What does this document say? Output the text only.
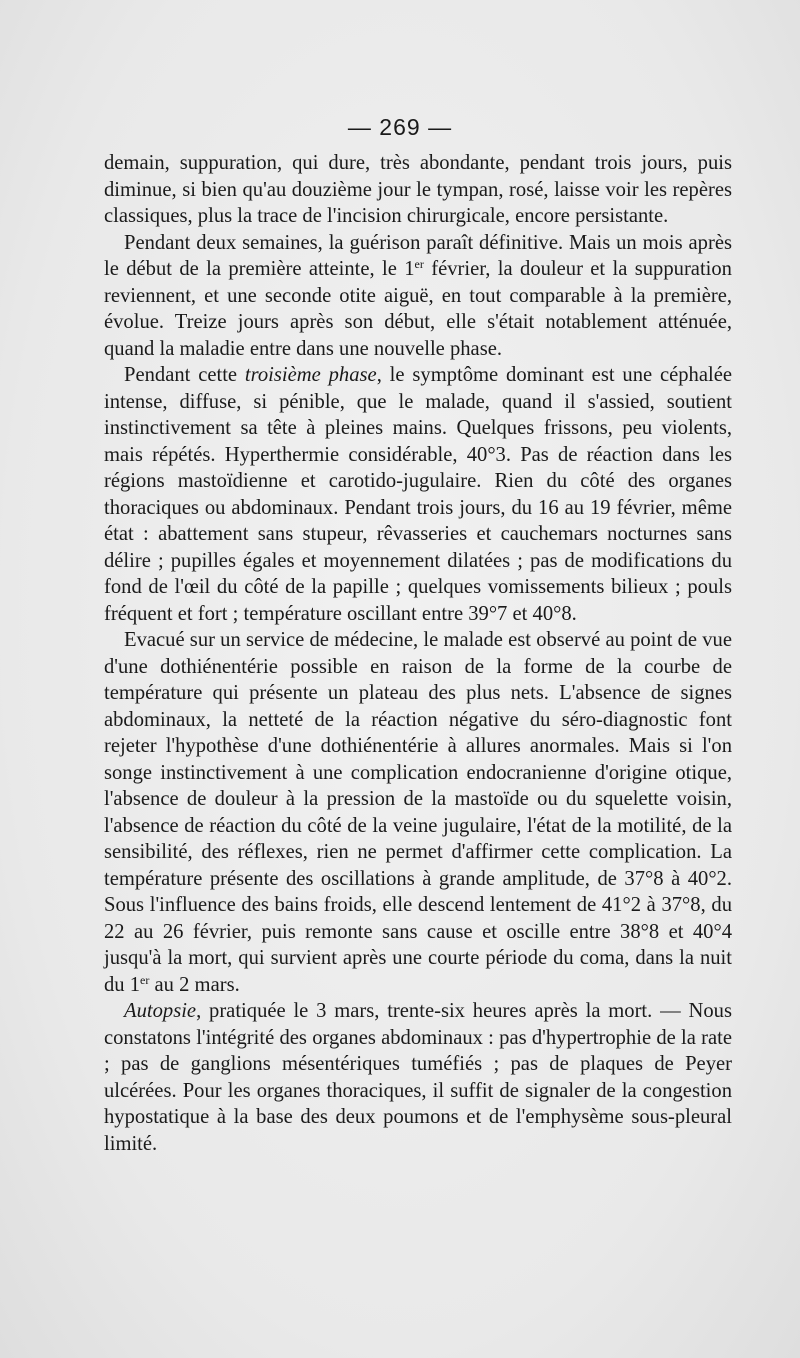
— 269 —

demain, suppuration, qui dure, très abondante, pendant trois jours, puis diminue, si bien qu'au douzième jour le tympan, rosé, laisse voir les repères classiques, plus la trace de l'incision chirurgicale, encore persistante.

Pendant deux semaines, la guérison paraît définitive. Mais un mois après le début de la première atteinte, le 1er février, la douleur et la suppuration reviennent, et une seconde otite aiguë, en tout comparable à la première, évolue. Treize jours après son début, elle s'était notablement atténuée, quand la maladie entre dans une nouvelle phase.

Pendant cette troisième phase, le symptôme dominant est une céphalée intense, diffuse, si pénible, que le malade, quand il s'assied, soutient instinctivement sa tête à pleines mains. Quelques frissons, peu violents, mais répétés. Hyperthermie considérable, 40°3. Pas de réaction dans les régions mastoïdienne et carotido-jugulaire. Rien du côté des organes thoraciques ou abdominaux. Pendant trois jours, du 16 au 19 février, même état : abattement sans stupeur, rêvasseries et cauchemars nocturnes sans délire ; pupilles égales et moyennement dilatées ; pas de modifications du fond de l'œil du côté de la papille ; quelques vomissements bilieux ; pouls fréquent et fort ; température oscillant entre 39°7 et 40°8.

Evacué sur un service de médecine, le malade est observé au point de vue d'une dothiénentérie possible en raison de la forme de la courbe de température qui présente un plateau des plus nets. L'absence de signes abdominaux, la netteté de la réaction négative du séro-diagnostic font rejeter l'hypothèse d'une dothiénentérie à allures anormales. Mais si l'on songe instinctivement à une complication endocranienne d'origine otique, l'absence de douleur à la pression de la mastoïde ou du squelette voisin, l'absence de réaction du côté de la veine jugulaire, l'état de la motilité, de la sensibilité, des réflexes, rien ne permet d'affirmer cette complication. La température présente des oscillations à grande amplitude, de 37°8 à 40°2. Sous l'influence des bains froids, elle descend lentement de 41°2 à 37°8, du 22 au 26 février, puis remonte sans cause et oscille entre 38°8 et 40°4 jusqu'à la mort, qui survient après une courte période du coma, dans la nuit du 1er au 2 mars.

Autopsie, pratiquée le 3 mars, trente-six heures après la mort. — Nous constatons l'intégrité des organes abdominaux : pas d'hypertrophie de la rate ; pas de ganglions mésentériques tuméfiés ; pas de plaques de Peyer ulcérées. Pour les organes thoraciques, il suffit de signaler de la congestion hypostatique à la base des deux poumons et de l'emphysème sous-pleural limité.
